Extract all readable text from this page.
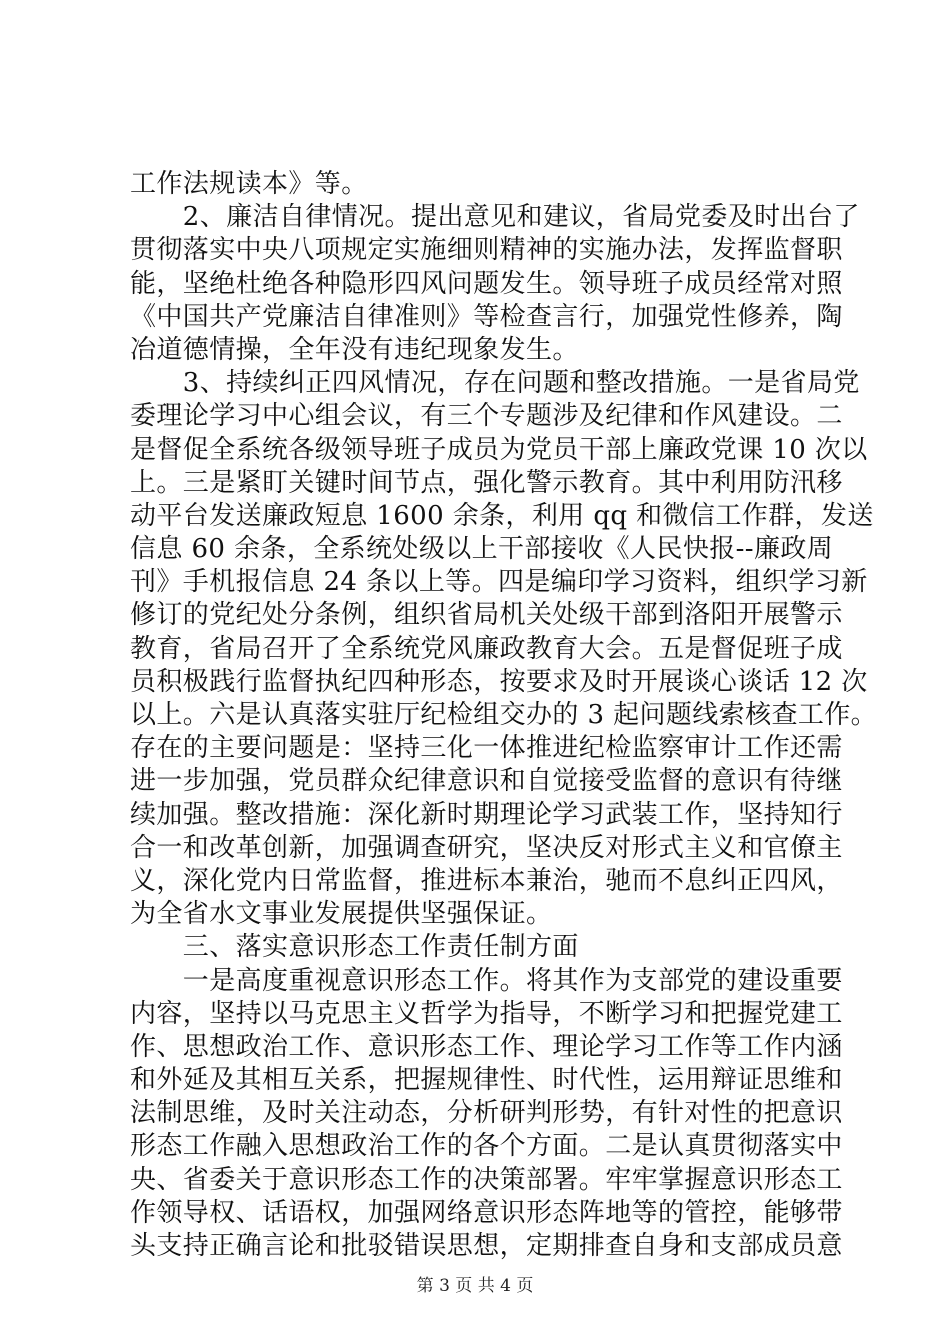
工作法规读本》等。
　　2、廉洁自律情况。提出意见和建议，省局党委及时出台了
贯彻落实中央八项规定实施细则精神的实施办法，发挥监督职
能，坚绝杜绝各种隐形四风问题发生。领导班子成员经常对照
《中国共产党廉洁自律准则》等检查言行，加强党性修养，陶
冶道德情操，全年没有违纪现象发生。
　　3、持续纠正四风情况，存在问题和整改措施。一是省局党
委理论学习中心组会议，有三个专题涉及纪律和作风建设。二
是督促全系统各级领导班子成员为党员干部上廉政党课 10 次以
上。三是紧盯关键时间节点，强化警示教育。其中利用防汛移
动平台发送廉政短息 1600 余条，利用 qq 和微信工作群，发送
信息 60 余条，全系统处级以上干部接收《人民快报--廉政周
刊》手机报信息 24 条以上等。四是编印学习资料，组织学习新
修订的党纪处分条例，组织省局机关处级干部到洛阳开展警示
教育，省局召开了全系统党风廉政教育大会。五是督促班子成
员积极践行监督执纪四种形态，按要求及时开展谈心谈话 12 次
以上。六是认真落实驻厅纪检组交办的 3 起问题线索核查工作。
存在的主要问题是：坚持三化一体推进纪检监察审计工作还需
进一步加强，党员群众纪律意识和自觉接受监督的意识有待继
续加强。整改措施：深化新时期理论学习武装工作，坚持知行
合一和改革创新，加强调查研究，坚决反对形式主义和官僚主
义，深化党内日常监督，推进标本兼治，驰而不息纠正四风，
为全省水文事业发展提供坚强保证。
　　三、落实意识形态工作责任制方面
　　一是高度重视意识形态工作。将其作为支部党的建设重要
内容，坚持以马克思主义哲学为指导，不断学习和把握党建工
作、思想政治工作、意识形态工作、理论学习工作等工作内涵
和外延及其相互关系，把握规律性、时代性，运用辩证思维和
法制思维，及时关注动态，分析研判形势，有针对性的把意识
形态工作融入思想政治工作的各个方面。二是认真贯彻落实中
央、省委关于意识形态工作的决策部署。牢牢掌握意识形态工
作领导权、话语权，加强网络意识形态阵地等的管控，能够带
头支持正确言论和批驳错误思想，定期排查自身和支部成员意
第 3 页 共 4 页
